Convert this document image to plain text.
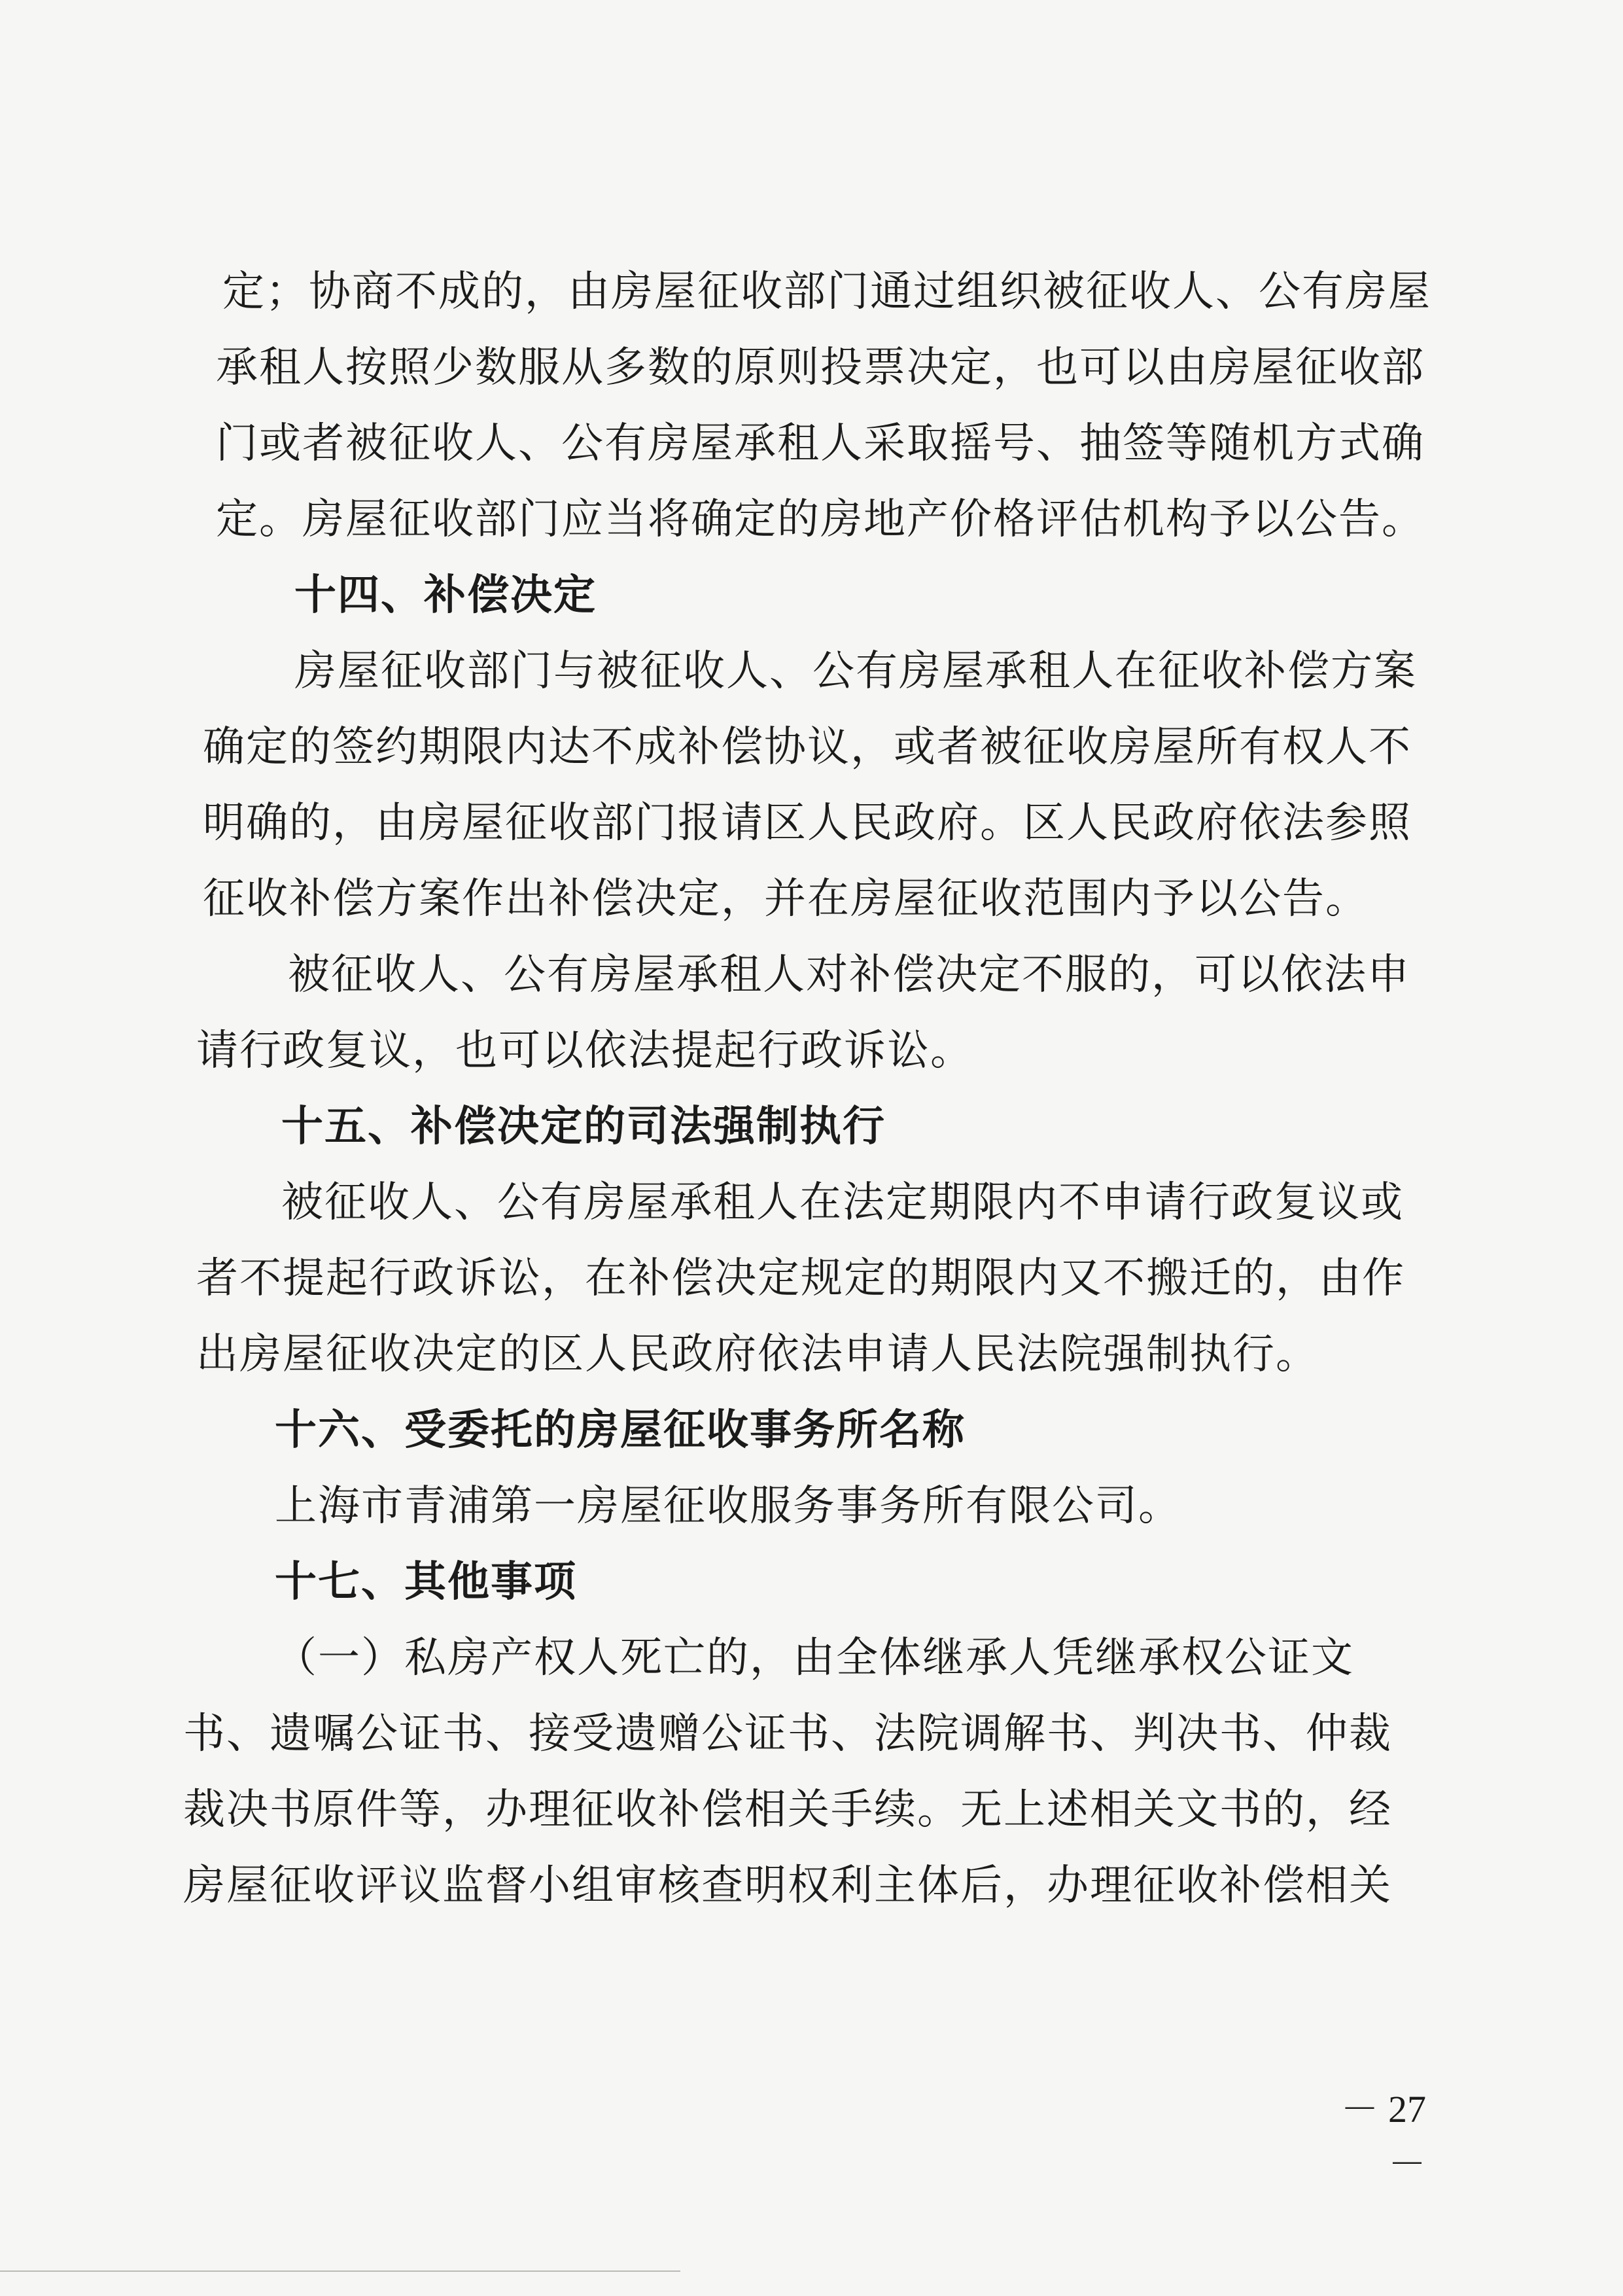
定；协商不成的，由房屋征收部门通过组织被征收人、公有房屋
承租人按照少数服从多数的原则投票决定，也可以由房屋征收部
门或者被征收人、公有房屋承租人采取摇号、抽签等随机方式确
定。房屋征收部门应当将确定的房地产价格评估机构予以公告。
十四、补偿决定
房屋征收部门与被征收人、公有房屋承租人在征收补偿方案
确定的签约期限内达不成补偿协议，或者被征收房屋所有权人不
明确的，由房屋征收部门报请区人民政府。区人民政府依法参照
征收补偿方案作出补偿决定，并在房屋征收范围内予以公告。
被征收人、公有房屋承租人对补偿决定不服的，可以依法申
请行政复议，也可以依法提起行政诉讼。
十五、补偿决定的司法强制执行
被征收人、公有房屋承租人在法定期限内不申请行政复议或
者不提起行政诉讼，在补偿决定规定的期限内又不搬迁的，由作
出房屋征收决定的区人民政府依法申请人民法院强制执行。
十六、受委托的房屋征收事务所名称
上海市青浦第一房屋征收服务事务所有限公司。
十七、其他事项
（一）私房产权人死亡的，由全体继承人凭继承权公证文
书、遗嘱公证书、接受遗赠公证书、法院调解书、判决书、仲裁
裁决书原件等，办理征收补偿相关手续。无上述相关文书的，经
房屋征收评议监督小组审核查明权利主体后，办理征收补偿相关
－ 27 －
